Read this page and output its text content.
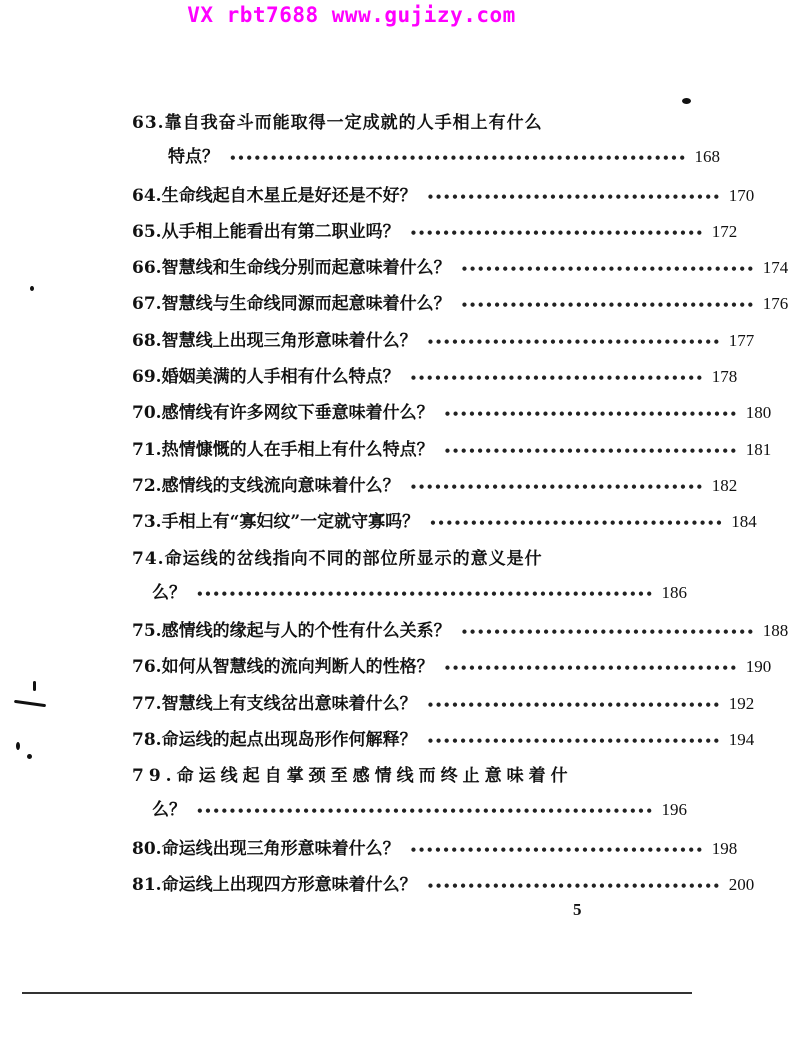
VX rbt7688 www.gujizy.com
63.靠自我奋斗而能取得一定成就的人手相上有什么
特点？ •••••••••••••••••••••••••••••••••••••••••••••••••••••••• 168
64.生命线起自木星丘是好还是不好？ •••••••••••••••••••••••••••••••••••• 170
65.从手相上能看出有第二职业吗？ •••••••••••••••••••••••••••••••••••• 172
66.智慧线和生命线分别而起意味着什么？ •••••••••••••••••••••••••••••••••••• 174
67.智慧线与生命线同源而起意味着什么？ •••••••••••••••••••••••••••••••••••• 176
68.智慧线上出现三角形意味着什么？ •••••••••••••••••••••••••••••••••••• 177
69.婚姻美满的人手相有什么特点？ •••••••••••••••••••••••••••••••••••• 178
70.感情线有许多网纹下垂意味着什么？ •••••••••••••••••••••••••••••••••••• 180
71.热情慷慨的人在手相上有什么特点？ •••••••••••••••••••••••••••••••••••• 181
72.感情线的支线流向意味着什么？ •••••••••••••••••••••••••••••••••••• 182
73.手相上有“寡妇纹”一定就守寡吗？ •••••••••••••••••••••••••••••••••••• 184
74.命运线的岔线指向不同的部位所显示的意义是什
么？ •••••••••••••••••••••••••••••••••••••••••••••••••••••••• 186
75.感情线的缘起与人的个性有什么关系？ •••••••••••••••••••••••••••••••••••• 188
76.如何从智慧线的流向判断人的性格？ •••••••••••••••••••••••••••••••••••• 190
77.智慧线上有支线岔出意味着什么？ •••••••••••••••••••••••••••••••••••• 192
78.命运线的起点出现岛形作何解释？ •••••••••••••••••••••••••••••••••••• 194
79.命运线起自掌颈至感情线而终止意味着什
么？ •••••••••••••••••••••••••••••••••••••••••••••••••••••••• 196
80.命运线出现三角形意味着什么？ •••••••••••••••••••••••••••••••••••• 198
81.命运线上出现四方形意味着什么？ •••••••••••••••••••••••••••••••••••• 200
5
